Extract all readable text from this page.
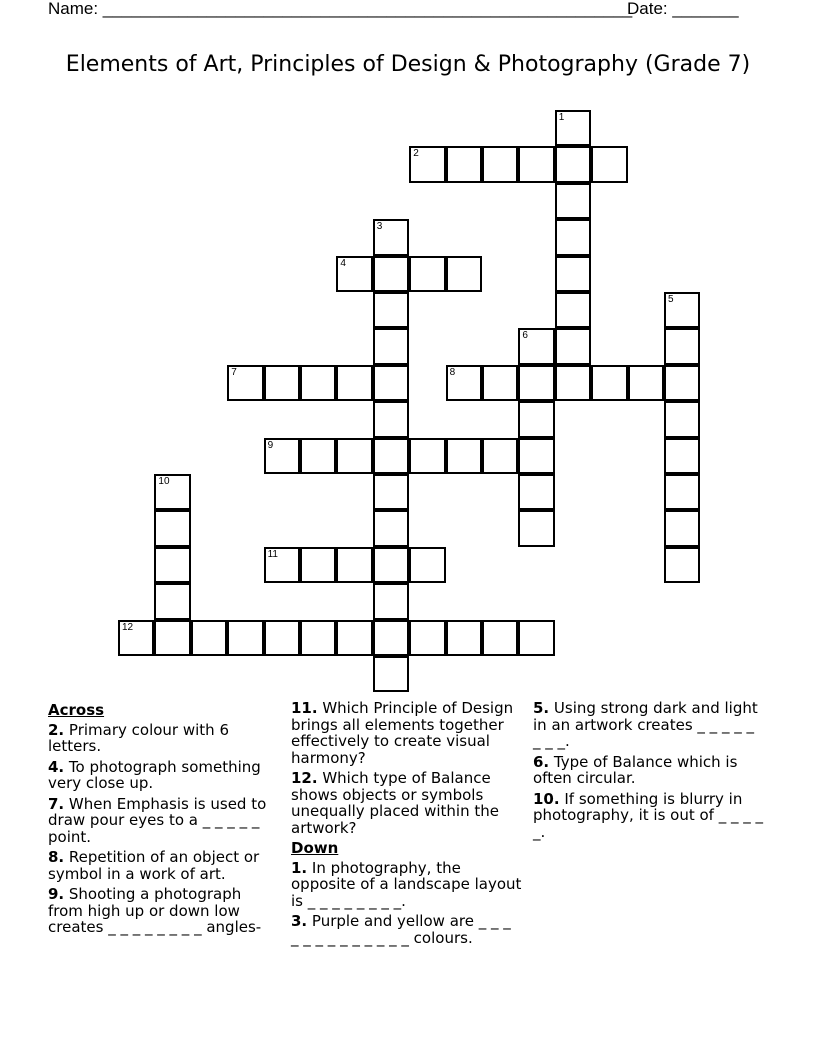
Name: ________________________________________________________
Date: _______
Elements of Art, Principles of Design & Photography (Grade 7)
1
2
3
4
5
6
7	8
9
10
11
12
Across
2. Primary colour with 6 letters.
4. To photograph something very close up.
7. When Emphasis is used to draw pour eyes to a _ _ _ _ _ point.
8. Repetition of an object or symbol in a work of art.
9. Shooting a photograph from high up or down low creates _ _ _ _ _ _ _ _ angles-
11. Which Principle of Design brings all elements together effectively to create visual harmony?
12. Which type of Balance shows objects or symbols unequally placed within the artwork?
Down
1. In photography, the opposite of a landscape layout is _ _ _ _ _ _ _ _.
3. Purple and yellow are _ _ _ _ _ _ _ _ _ _ _ _ _ colours.
5. Using strong dark and light in an artwork creates _ _ _ _ _ _ _ _.
6. Type of Balance which is often circular.
10. If something is blurry in photography, it is out of _ _ _ _ _.
